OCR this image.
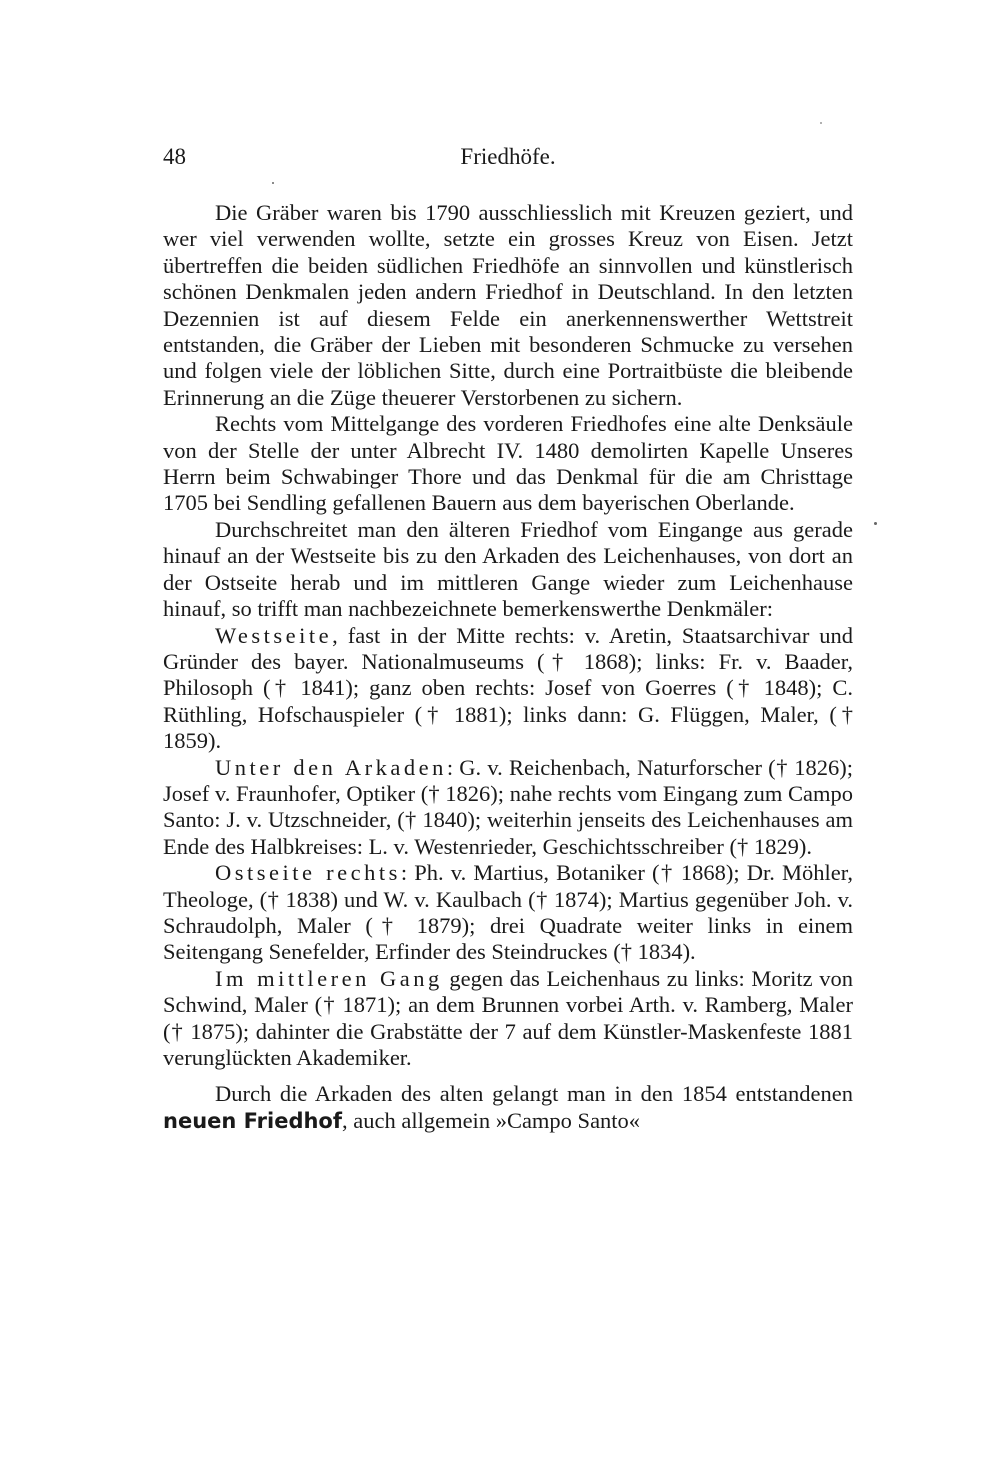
48	Friedhöfe.

Die Gräber waren bis 1790 ausschliesslich mit Kreuzen geziert, und wer viel verwenden wollte, setzte ein grosses Kreuz von Eisen. Jetzt übertreffen die beiden südlichen Friedhöfe an sinnvollen und künstlerisch schönen Denkmalen jeden andern Friedhof in Deutschland. In den letzten Dezennien ist auf diesem Felde ein anerkennenswerther Wettstreit entstanden, die Gräber der Lieben mit besonderen Schmucke zu versehen und folgen viele der löblichen Sitte, durch eine Portraitbüste die bleibende Erinnerung an die Züge theuerer Verstorbenen zu sichern.

Rechts vom Mittelgange des vorderen Friedhofes eine alte Denksäule von der Stelle der unter Albrecht IV. 1480 demolirten Kapelle Unseres Herrn beim Schwabinger Thore und das Denkmal für die am Christtage 1705 bei Sendling gefallenen Bauern aus dem bayerischen Oberlande.

Durchschreitet man den älteren Friedhof vom Eingange aus gerade hinauf an der Westseite bis zu den Arkaden des Leichenhauses, von dort an der Ostseite herab und im mittleren Gange wieder zum Leichenhause hinauf, so trifft man nachbezeichnete bemerkenswerthe Denkmäler:

Westseite, fast in der Mitte rechts: v. Aretin, Staatsarchivar und Gründer des bayer. Nationalmuseums († 1868); links: Fr. v. Baader, Philosoph († 1841); ganz oben rechts: Josef von Goerres († 1848); C. Rüthling, Hofschauspieler († 1881); links dann: G. Flüggen, Maler, († 1859).

Unter den Arkaden: G. v. Reichenbach, Naturforscher († 1826); Josef v. Fraunhofer, Optiker († 1826); nahe rechts vom Eingang zum Campo Santo: J. v. Utzschneider, († 1840); weiterhin jenseits des Leichenhauses am Ende des Halbkreises: L. v. Westenrieder, Geschichtsschreiber († 1829).

Ostseite rechts: Ph. v. Martius, Botaniker († 1868); Dr. Möhler, Theologe, († 1838) und W. v. Kaulbach († 1874); Martius gegenüber Joh. v. Schraudolph, Maler († 1879); drei Quadrate weiter links in einem Seitengang Senefelder, Erfinder des Steindruckes († 1834).

Im mittleren Gang gegen das Leichenhaus zu links: Moritz von Schwind, Maler († 1871); an dem Brunnen vorbei Arth. v. Ramberg, Maler († 1875); dahinter die Grabstätte der 7 auf dem Künstler-Maskenfeste 1881 verunglückten Akademiker.

Durch die Arkaden des alten gelangt man in den 1854 entstandenen neuen Friedhof, auch allgemein »Campo Santo«
